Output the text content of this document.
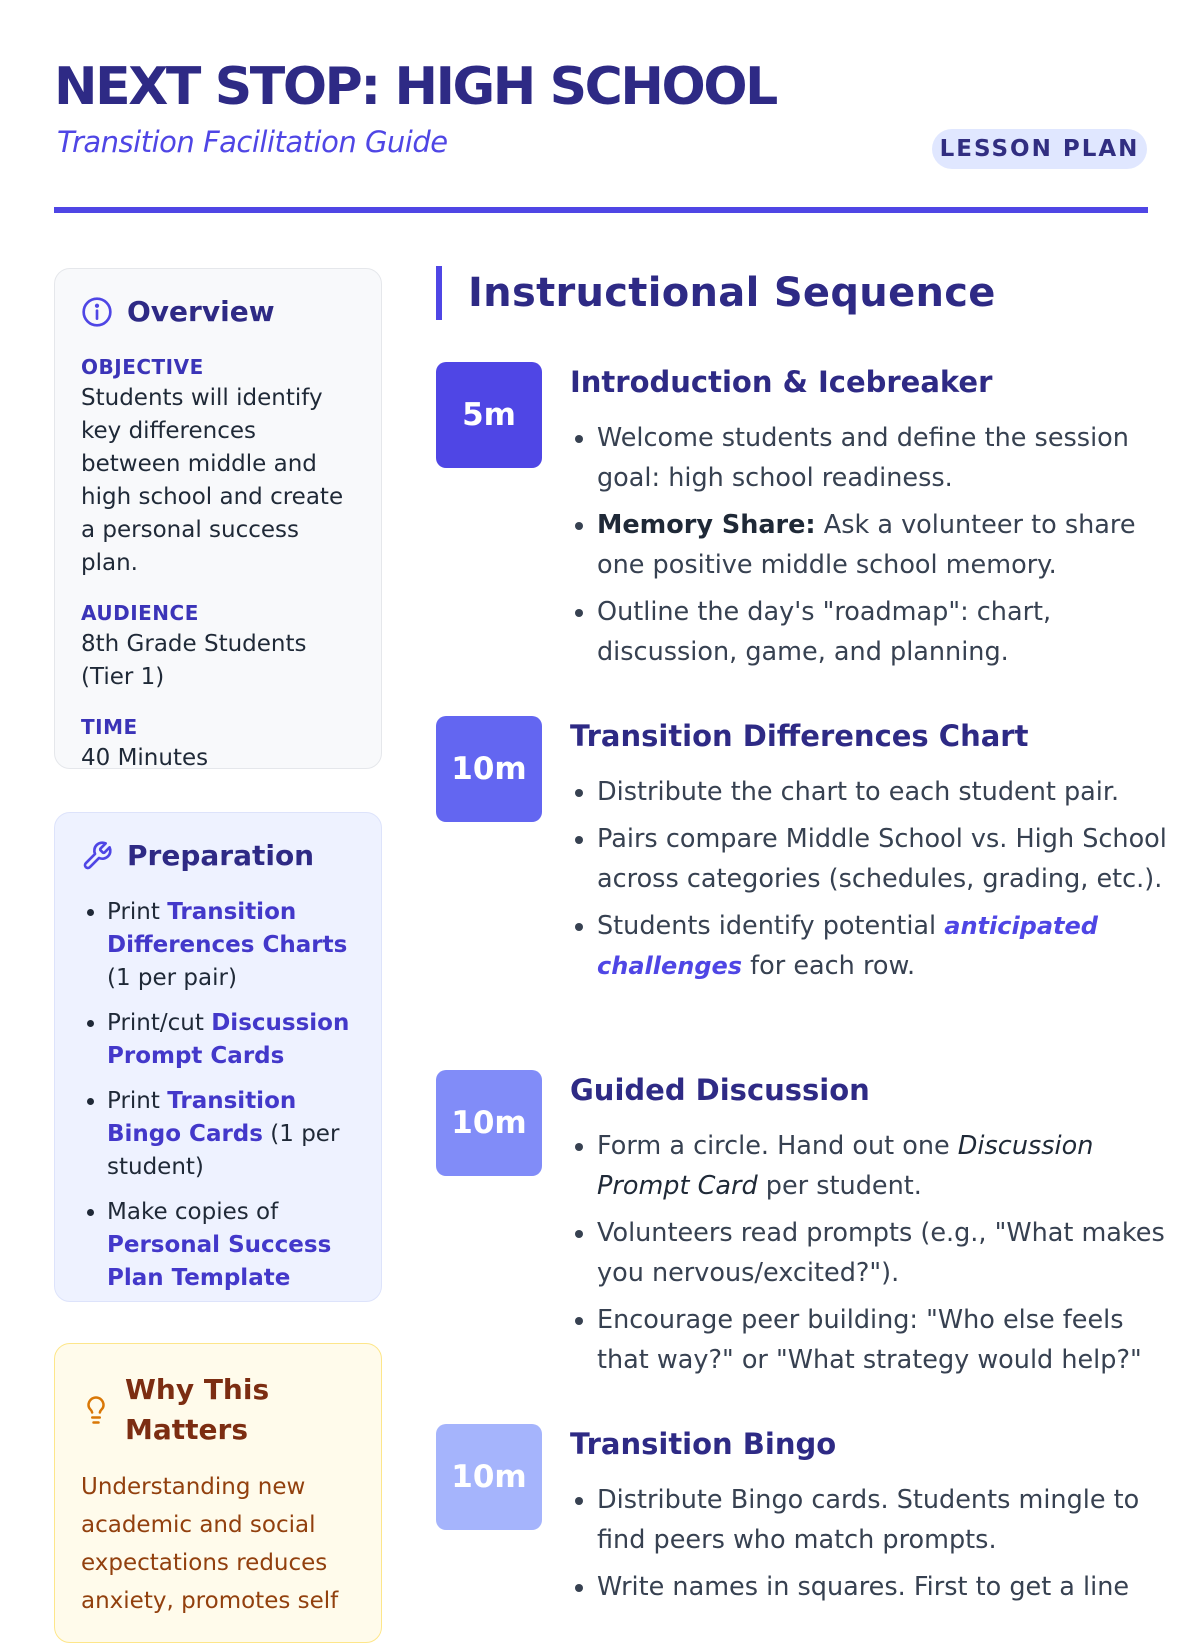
NEXT STOP: HIGH SCHOOL
Transition Facilitation Guide	LESSON PLAN
Overview
OBJECTIVE
Students will identify key differences between middle and high school and create a personal success plan.
AUDIENCE
8th Grade Students (Tier 1)
TIME
40 Minutes
Preparation
• Print Transition Differences Charts (1 per pair)
• Print/cut Discussion Prompt Cards
• Print Transition Bingo Cards (1 per student)
• Make copies of Personal Success Plan Template
Why This Matters
Understanding new academic and social expectations reduces anxiety, promotes self
Instructional Sequence
5m
Introduction & Icebreaker
• Welcome students and define the session goal: high school readiness.
• Memory Share: Ask a volunteer to share one positive middle school memory.
• Outline the day's "roadmap": chart, discussion, game, and planning.
10m
Transition Differences Chart
• Distribute the chart to each student pair.
• Pairs compare Middle School vs. High School across categories (schedules, grading, etc.).
• Students identify potential anticipated challenges for each row.
10m
Guided Discussion
• Form a circle. Hand out one Discussion Prompt Card per student.
• Volunteers read prompts (e.g., "What makes you nervous/excited?").
• Encourage peer building: "Who else feels that way?" or "What strategy would help?"
10m
Transition Bingo
• Distribute Bingo cards. Students mingle to find peers who match prompts.
• Write names in squares. First to get a line
